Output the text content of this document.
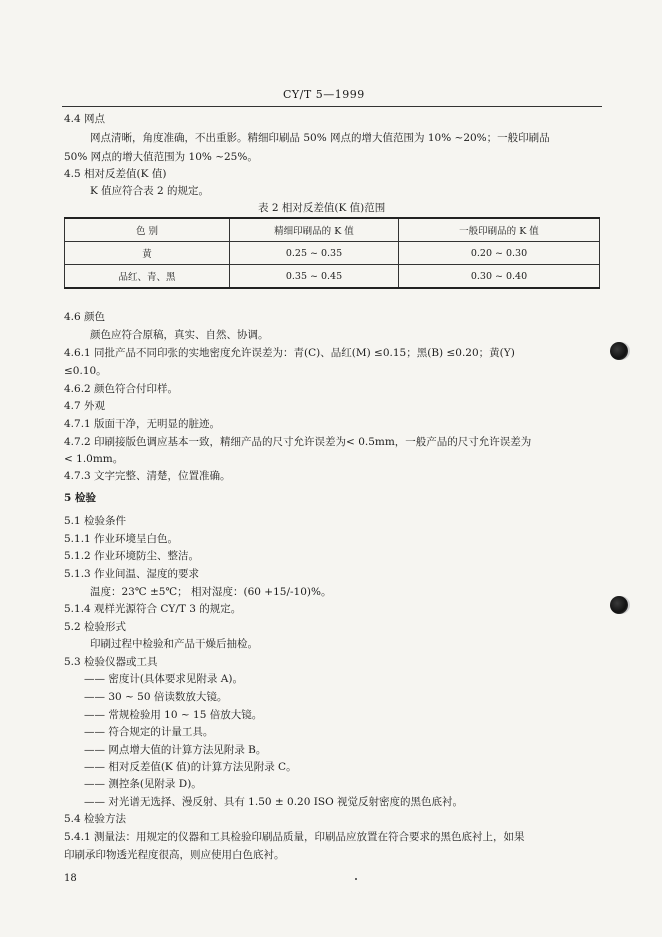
CY/T 5—1999
4.4 网点
网点清晰，角度准确，不出重影。精细印刷品 50% 网点的增大值范围为 10% ~20%；一般印刷品
50% 网点的增大值范围为 10% ~25%。
4.5 相对反差值(K 值)
K 值应符合表 2 的规定。
表 2 相对反差值(K 值)范围
色 别	精细印刷品的 K 值	一般印刷品的 K 值
黄	0.25 ~ 0.35	0.20 ~ 0.30
品红、青、黑	0.35 ~ 0.45	0.30 ~ 0.40
4.6 颜色
颜色应符合原稿，真实、自然、协调。
4.6.1 同批产品不同印张的实地密度允许误差为：青(C)、品红(M) ≤0.15；黑(B) ≤0.20；黄(Y)
≤0.10。
4.6.2 颜色符合付印样。
4.7 外观
4.7.1 版面干净，无明显的脏迹。
4.7.2 印刷接版色调应基本一致，精细产品的尺寸允许误差为< 0.5mm，一般产品的尺寸允许误差为
< 1.0mm。
4.7.3 文字完整、清楚，位置准确。
5 检验
5.1 检验条件
5.1.1 作业环境呈白色。
5.1.2 作业环境防尘、整洁。
5.1.3 作业间温、湿度的要求
温度：23℃ ±5℃； 相对湿度：(60 +15/-10)%。
5.1.4 观样光源符合 CY/T 3 的规定。
5.2 检验形式
印刷过程中检验和产品干燥后抽检。
5.3 检验仪器或工具
—— 密度计(具体要求见附录 A)。
—— 30 ~ 50 倍读数放大镜。
—— 常规检验用 10 ~ 15 倍放大镜。
—— 符合规定的计量工具。
—— 网点增大值的计算方法见附录 B。
—— 相对反差值(K 值)的计算方法见附录 C。
—— 测控条(见附录 D)。
—— 对光谱无选择、漫反射、具有 1.50 ± 0.20 ISO 视觉反射密度的黑色底衬。
5.4 检验方法
5.4.1 测量法：用规定的仪器和工具检验印刷品质量，印刷品应放置在符合要求的黑色底衬上，如果
印刷承印物透光程度很高，则应使用白色底衬。
18
